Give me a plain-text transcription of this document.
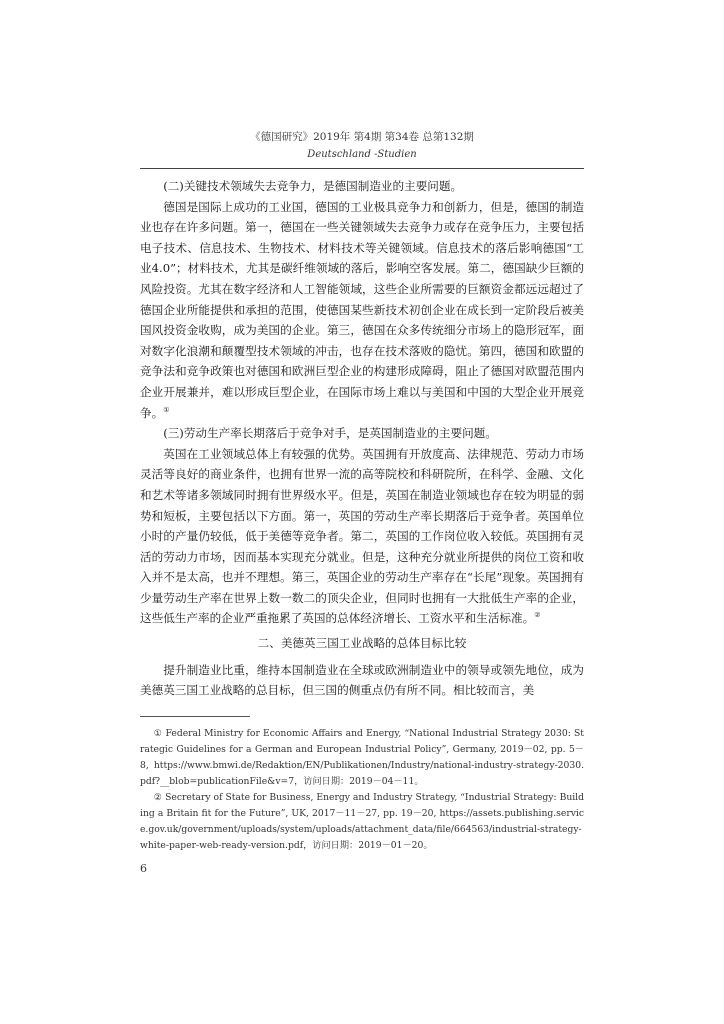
《德国研究》2019年 第4期 第34卷 总第132期
Deutschland -Studien

(二)关键技术领域失去竞争力，是德国制造业的主要问题。

德国是国际上成功的工业国，德国的工业极具竞争力和创新力，但是，德国的制造业也存在许多问题。第一，德国在一些关键领域失去竞争力或存在竞争压力，主要包括电子技术、信息技术、生物技术、材料技术等关键领域。信息技术的落后影响德国“工业4.0”；材料技术，尤其是碳纤维领域的落后，影响空客发展。第二，德国缺少巨额的风险投资。尤其在数字经济和人工智能领域，这些企业所需要的巨额资金都远远超过了德国企业所能提供和承担的范围，使德国某些新技术初创企业在成长到一定阶段后被美国风投资金收购，成为美国的企业。第三，德国在众多传统细分市场上的隐形冠军，面对数字化浪潮和颠覆型技术领域的冲击，也存在技术落败的隐忧。第四，德国和欧盟的竞争法和竞争政策也对德国和欧洲巨型企业的构建形成障碍，阻止了德国对欧盟范围内企业开展兼并，难以形成巨型企业，在国际市场上难以与美国和中国的大型企业开展竞争。①

(三)劳动生产率长期落后于竞争对手，是英国制造业的主要问题。

英国在工业领域总体上有较强的优势。英国拥有开放度高、法律规范、劳动力市场灵活等良好的商业条件，也拥有世界一流的高等院校和科研院所，在科学、金融、文化和艺术等诸多领域同时拥有世界级水平。但是，英国在制造业领域也存在较为明显的弱势和短板，主要包括以下方面。第一，英国的劳动生产率长期落后于竞争者。英国单位小时的产量仍较低，低于美德等竞争者。第二，英国的工作岗位收入较低。英国拥有灵活的劳动力市场，因而基本实现充分就业。但是，这种充分就业所提供的岗位工资和收入并不是太高，也并不理想。第三，英国企业的劳动生产率存在“长尾”现象。英国拥有少量劳动生产率在世界上数一数二的顶尖企业，但同时也拥有一大批低生产率的企业，这些低生产率的企业严重拖累了英国的总体经济增长、工资水平和生活标准。②

二、美德英三国工业战略的总体目标比较

提升制造业比重，维持本国制造业在全球或欧洲制造业中的领导或领先地位，成为美德英三国工业战略的总目标，但三国的侧重点仍有所不同。相比较而言，美

① Federal Ministry for Economic Affairs and Energy, “National Industrial Strategy 2030: Strategic Guidelines for a German and European Industrial Policy”, Germany, 2019－02, pp. 5－8, https://www.bmwi.de/Redaktion/EN/Publikationen/Industry/national-industry-strategy-2030.pdf?__blob=publicationFile&v=7，访问日期：2019－04－11。

② Secretary of State for Business, Energy and Industry Strategy, “Industrial Strategy: Building a Britain fit for the Future”, UK, 2017－11－27, pp. 19－20, https://assets.publishing.service.gov.uk/government/uploads/system/uploads/attachment_data/file/664563/industrial-strategy-white-paper-web-ready-version.pdf，访问日期：2019－01－20。

6
